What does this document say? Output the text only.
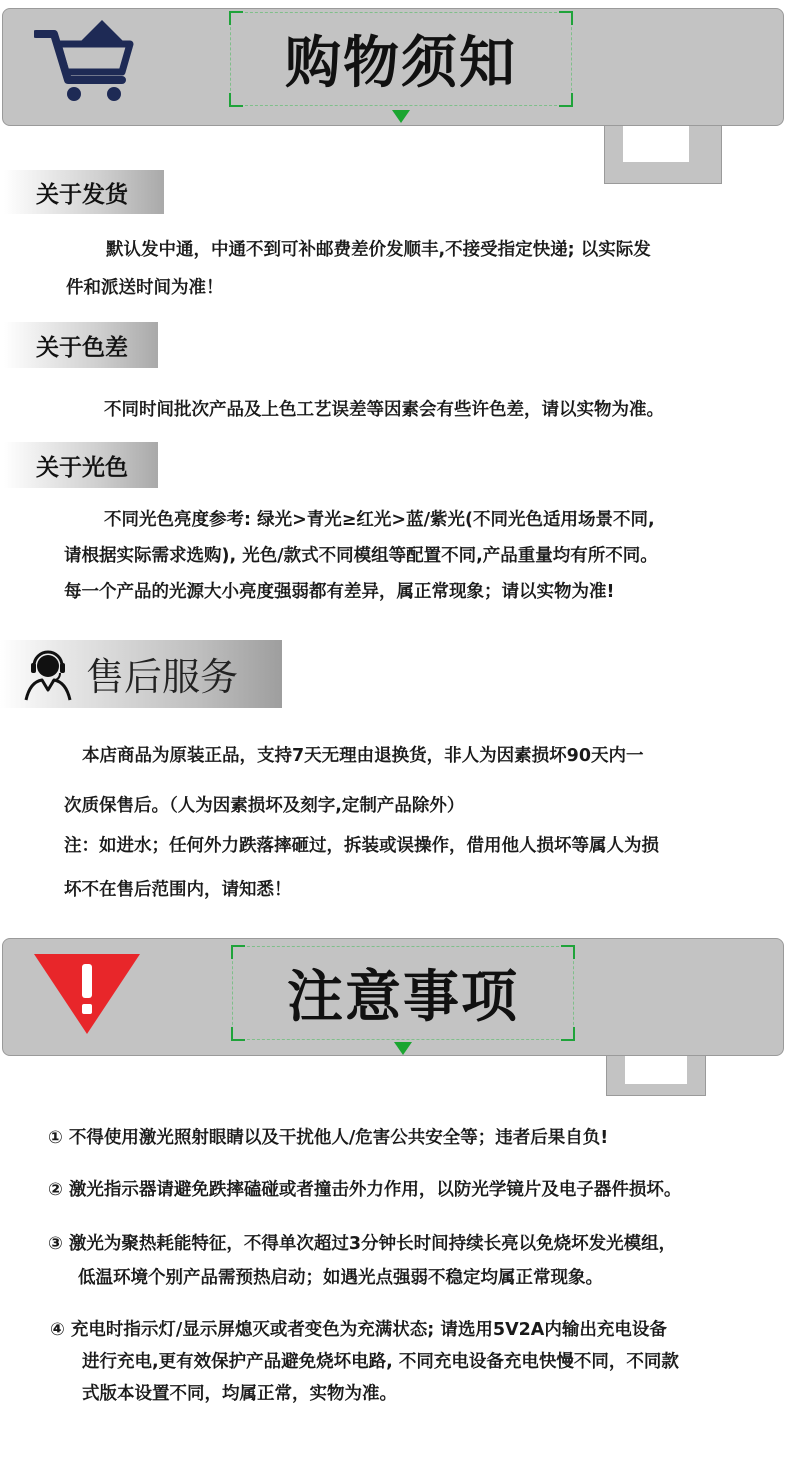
购物须知
关于发货
默认发中通，中通不到可补邮费差价发顺丰,不接受指定快递; 以实际发
件和派送时间为准！
关于色差
不同时间批次产品及上色工艺误差等因素会有些许色差，请以实物为准。
关于光色
不同光色亮度参考: 绿光>青光≥红光>蓝/紫光(不同光色适用场景不同,
请根据实际需求选购), 光色/款式不同模组等配置不同,产品重量均有所不同。
每一个产品的光源大小亮度强弱都有差异，属正常现象；请以实物为准!
售后服务
本店商品为原装正品，支持7天无理由退换货，非人为因素损坏90天内一
次质保售后。（人为因素损坏及刻字,定制产品除外）
注：如进水；任何外力跌落摔砸过，拆装或误操作，借用他人损坏等属人为损
坏不在售后范围内，请知悉！
注意事项
① 不得使用激光照射眼睛以及干扰他人/危害公共安全等；违者后果自负!
② 激光指示器请避免跌摔磕碰或者撞击外力作用，以防光学镜片及电子器件损坏。
③ 激光为聚热耗能特征，不得单次超过3分钟长时间持续长亮以免烧坏发光模组，
低温环境个别产品需预热启动；如遇光点强弱不稳定均属正常现象。
④ 充电时指示灯/显示屏熄灭或者变色为充满状态; 请选用5V2A内输出充电设备
进行充电,更有效保护产品避免烧坏电路, 不同充电设备充电快慢不同，不同款
式版本设置不同，均属正常，实物为准。
